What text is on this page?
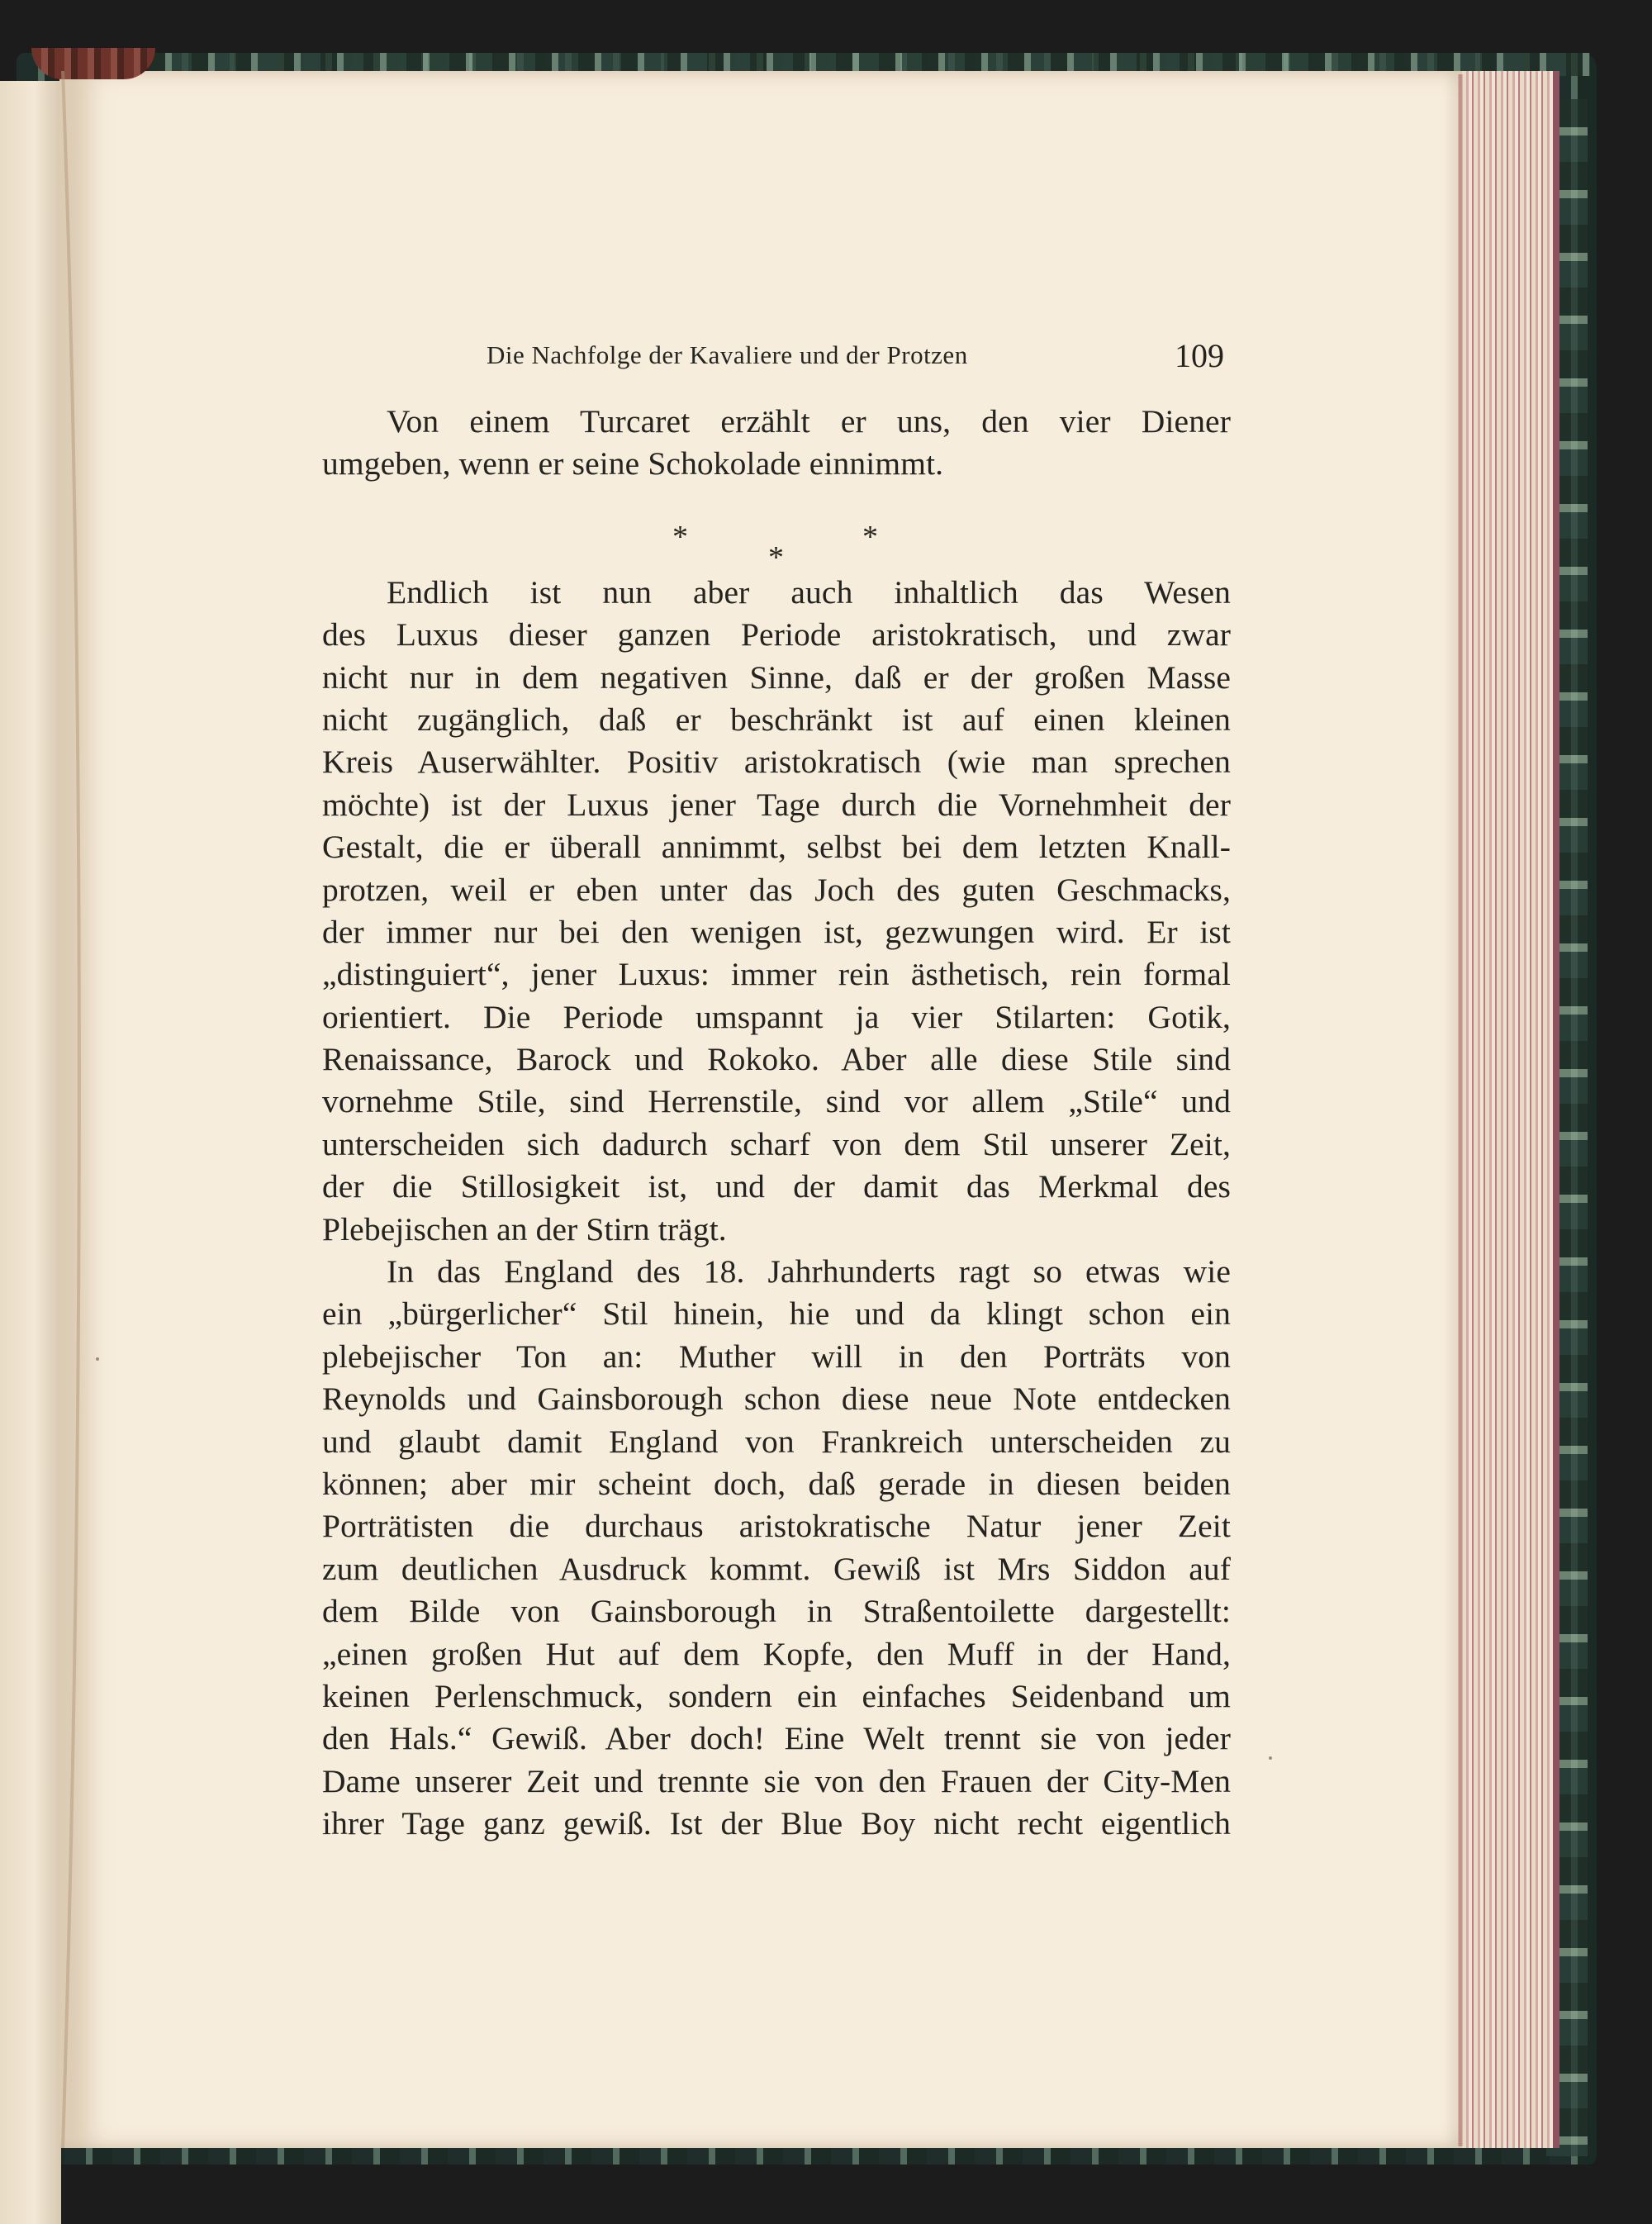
Die Nachfolge der Kavaliere und der Protzen	109
Von einem Turcaret erzählt er uns, den vier Diener
umgeben, wenn er seine Schokolade einnimmt.
*
*
*
Endlich ist nun aber auch inhaltlich das Wesen
des Luxus dieser ganzen Periode aristokratisch, und zwar
nicht nur in dem negativen Sinne, daß er der großen Masse
nicht zugänglich, daß er beschränkt ist auf einen kleinen
Kreis Auserwählter. Positiv aristokratisch (wie man sprechen
möchte) ist der Luxus jener Tage durch die Vornehmheit der
Gestalt, die er überall annimmt, selbst bei dem letzten Knall-
protzen, weil er eben unter das Joch des guten Geschmacks,
der immer nur bei den wenigen ist, gezwungen wird. Er ist
„distinguiert“, jener Luxus: immer rein ästhetisch, rein formal
orientiert. Die Periode umspannt ja vier Stilarten: Gotik,
Renaissance, Barock und Rokoko. Aber alle diese Stile sind
vornehme Stile, sind Herrenstile, sind vor allem „Stile“ und
unterscheiden sich dadurch scharf von dem Stil unserer Zeit,
der die Stillosigkeit ist, und der damit das Merkmal des
Plebejischen an der Stirn trägt.
In das England des 18. Jahrhunderts ragt so etwas wie
ein „bürgerlicher“ Stil hinein, hie und da klingt schon ein
plebejischer Ton an: Muther will in den Porträts von
Reynolds und Gainsborough schon diese neue Note entdecken
und glaubt damit England von Frankreich unterscheiden zu
können; aber mir scheint doch, daß gerade in diesen beiden
Porträtisten die durchaus aristokratische Natur jener Zeit
zum deutlichen Ausdruck kommt. Gewiß ist Mrs Siddon auf
dem Bilde von Gainsborough in Straßentoilette dargestellt:
„einen großen Hut auf dem Kopfe, den Muff in der Hand,
keinen Perlenschmuck, sondern ein einfaches Seidenband um
den Hals.“ Gewiß. Aber doch! Eine Welt trennt sie von jeder
Dame unserer Zeit und trennte sie von den Frauen der City-Men
ihrer Tage ganz gewiß. Ist der Blue Boy nicht recht eigentlich
